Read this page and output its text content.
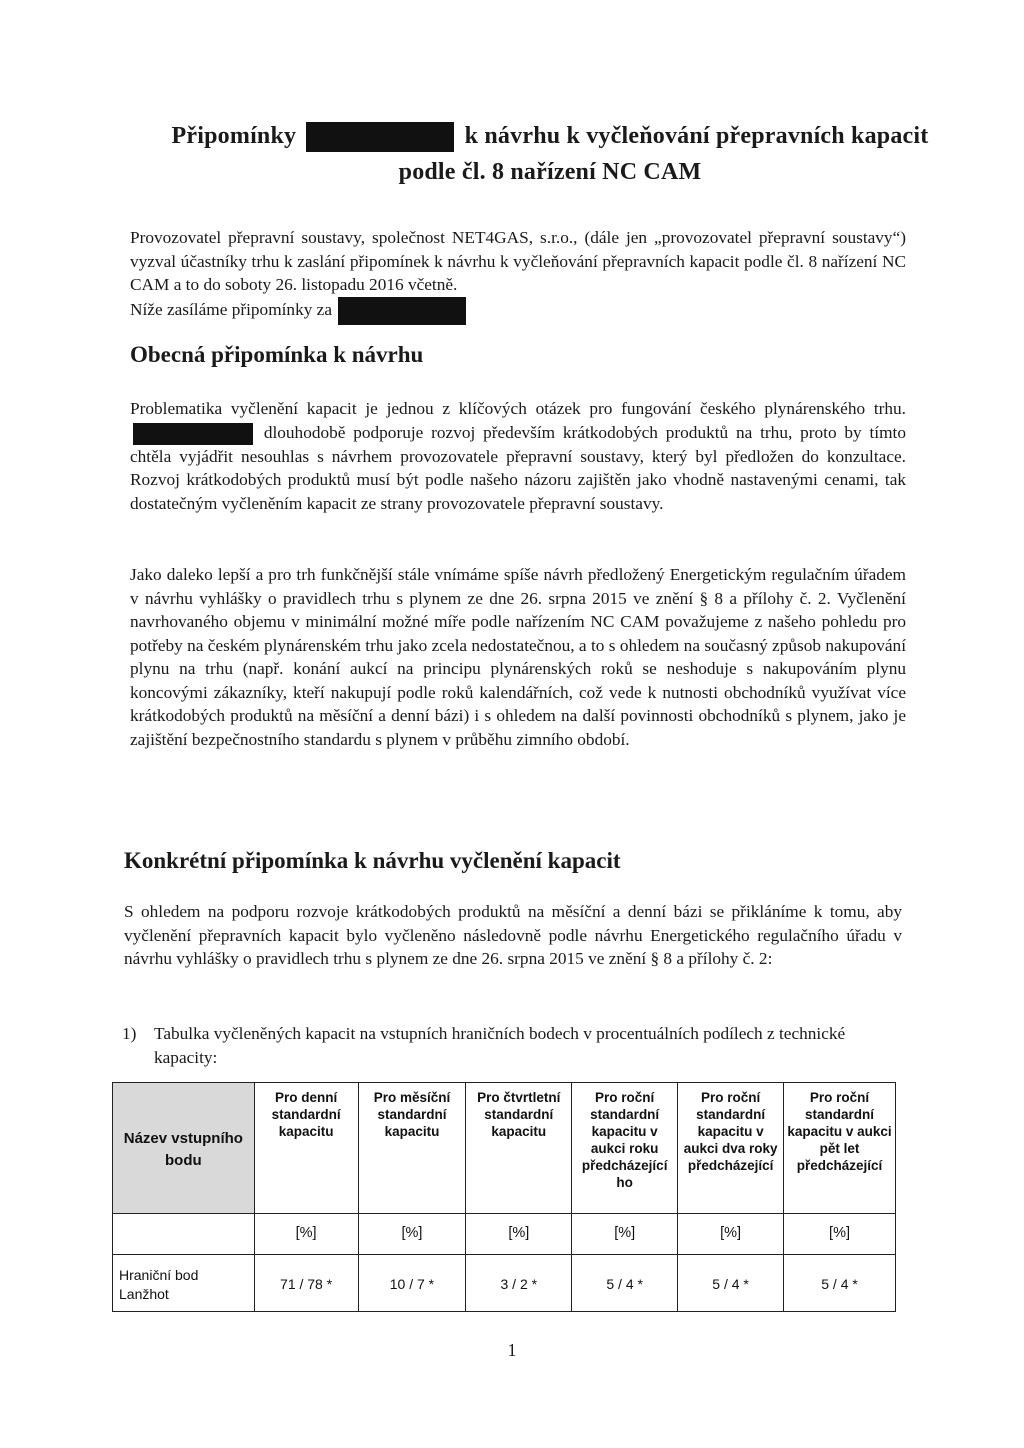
Připomínky	k návrhu k vyčleňování přepravních kapacit
podle čl. 8 nařízení NC CAM

Provozovatel přepravní soustavy, společnost NET4GAS, s.r.o., (dále jen „provozovatel přepravní soustavy“) vyzval účastníky trhu k zaslání připomínek k návrhu k vyčleňování přepravních kapacit podle čl. 8 nařízení NC CAM a to do soboty 26. listopadu 2016 včetně.
Níže zasíláme připomínky za

Obecná připomínka k návrhu

Problematika vyčlenění kapacit je jednou z klíčových otázek pro fungování českého plynárenského trhu.  dlouhodobě podporuje rozvoj především krátkodobých produktů na trhu, proto by tímto chtěla vyjádřit nesouhlas s návrhem provozovatele přepravní soustavy, který byl předložen do konzultace. Rozvoj krátkodobých produktů musí být podle našeho názoru zajištěn jako vhodně nastavenými cenami, tak dostatečným vyčleněním kapacit ze strany provozovatele přepravní soustavy.

Jako daleko lepší a pro trh funkčnější stále vnímáme spíše návrh předložený Energetickým regulačním úřadem v návrhu vyhlášky o pravidlech trhu s plynem ze dne 26. srpna 2015 ve znění § 8 a přílohy č. 2. Vyčlenění navrhovaného objemu v minimální možné míře podle nařízením NC CAM považujeme z našeho pohledu pro potřeby na českém plynárenském trhu jako zcela nedostatečnou, a to s ohledem na současný způsob nakupování plynu na trhu (např. konání aukcí na principu plynárenských roků se neshoduje s nakupováním plynu koncovými zákazníky, kteří nakupují podle roků kalendářních, což vede k nutnosti obchodníků využívat více krátkodobých produktů na měsíční a denní bázi) i s ohledem na další povinnosti obchodníků s plynem, jako je zajištění bezpečnostního standardu s plynem v průběhu zimního období.

Konkrétní připomínka k návrhu vyčlenění kapacit

S ohledem na podporu rozvoje krátkodobých produktů na měsíční a denní bázi se přikláníme k tomu, aby vyčlenění přepravních kapacit bylo vyčleněno následovně podle návrhu Energetického regulačního úřadu v návrhu vyhlášky o pravidlech trhu s plynem ze dne 26. srpna 2015 ve znění § 8 a přílohy č. 2:

1) Tabulka vyčleněných kapacit na vstupních hraničních bodech v procentuálních podílech z technické kapacity:
Název vstupního bodu	Pro denní standardní kapacitu	Pro měsíční standardní kapacitu	Pro čtvrtletní standardní kapacitu	Pro roční standardní kapacitu v aukci roku předcházející ho	Pro roční standardní kapacitu v aukci dva roky předcházející	Pro roční standardní kapacitu v aukci pět let předcházející
	[%]	[%]	[%]	[%]	[%]	[%]
Hraniční bod Lanžhot	71 / 78 *	10 / 7 *	3 / 2 *	5 / 4 *	5 / 4 *	5 / 4 *
1
